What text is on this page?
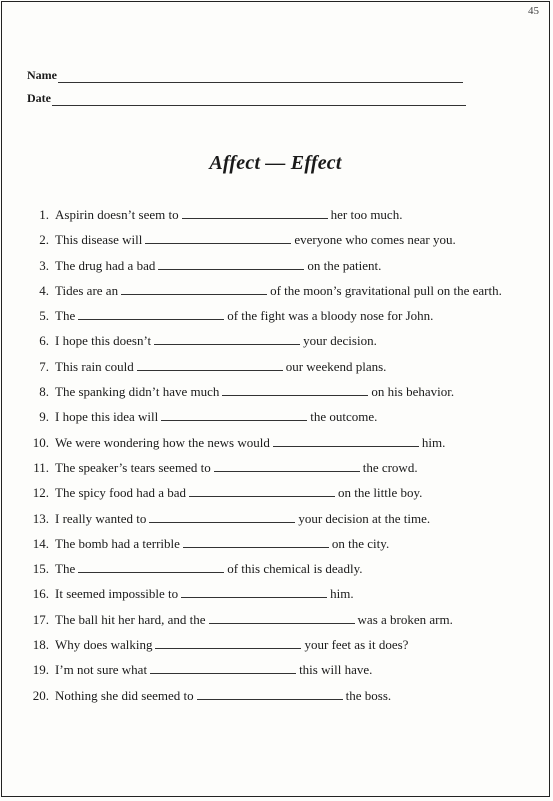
45
Name
Date
Affect — Effect
1. Aspirin doesn’t seem to	her too much.
2. This disease will	everyone who comes near you.
3. The drug had a bad	on the patient.
4. Tides are an	of the moon’s gravitational pull on the earth.
5. The	of the fight was a bloody nose for John.
6. I hope this doesn’t	your decision.
7. This rain could	our weekend plans.
8. The spanking didn’t have much	on his behavior.
9. I hope this idea will	the outcome.
10. We were wondering how the news would	him.
11. The speaker’s tears seemed to	the crowd.
12. The spicy food had a bad	on the little boy.
13. I really wanted to	your decision at the time.
14. The bomb had a terrible	on the city.
15. The	of this chemical is deadly.
16. It seemed impossible to	him.
17. The ball hit her hard, and the	was a broken arm.
18. Why does walking	your feet as it does?
19. I’m not sure what	this will have.
20. Nothing she did seemed to	the boss.
